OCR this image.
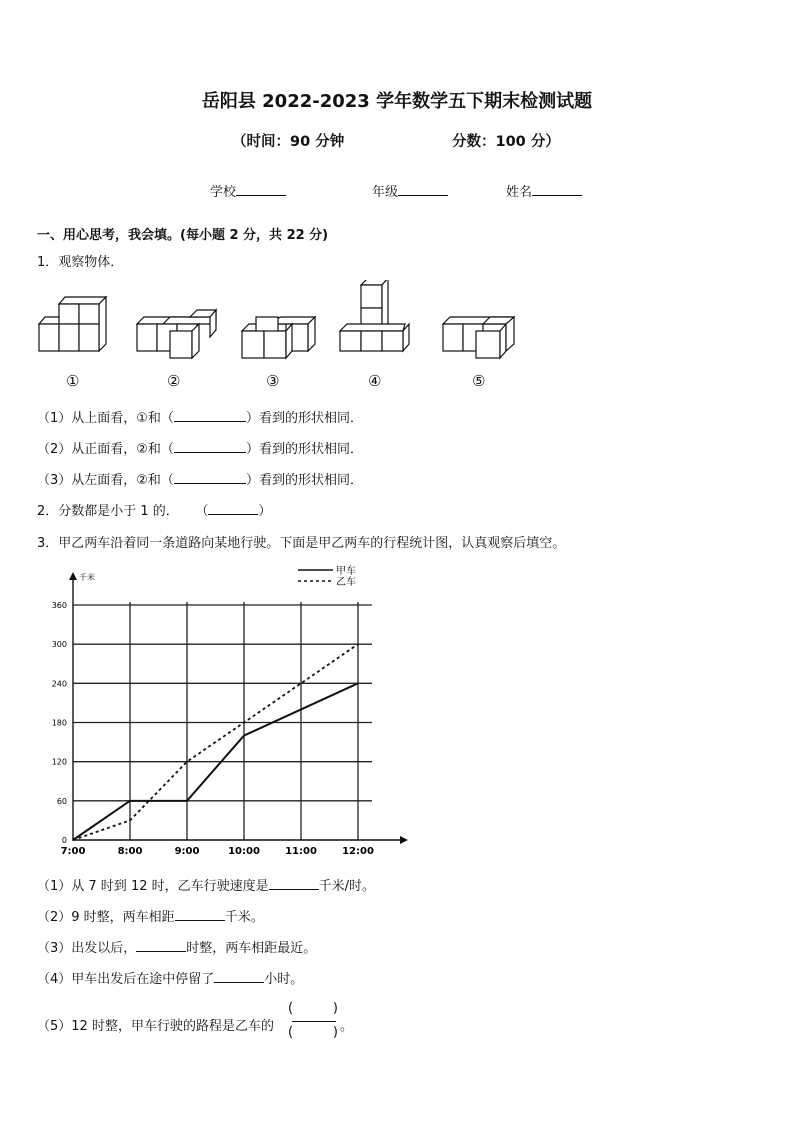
岳阳县 2022-2023 学年数学五下期末检测试题
（时间：90 分钟	分数：100 分）
学校	年级	姓名
一、用心思考，我会填。(每小题 2 分，共 22 分)
1．观察物体．
①	②	③	④	⑤
（1）从上面看，①和（	）看到的形状相同．
（2）从正面看，②和（	）看到的形状相同．
（3）从左面看，②和（	）看到的形状相同．
2．分数都是小于 1 的． （	）
3．甲乙两车沿着同一条道路向某地行驶。下面是甲乙两车的行程统计图，认真观察后填空。
千米
0
60
120
180
240
300
360
7:00	8:00	9:00	10:00	11:00	12:00
甲车
乙车
（1）从 7 时到 12 时，乙车行驶速度是	千米/时。
（2）9 时整，两车相距	千米。
（3）出发以后，	时整，两车相距最近。
（4）甲车出发后在途中停留了	小时。
（5）12 时整，甲车行驶的路程是乙车的
(	)
(	) 。
